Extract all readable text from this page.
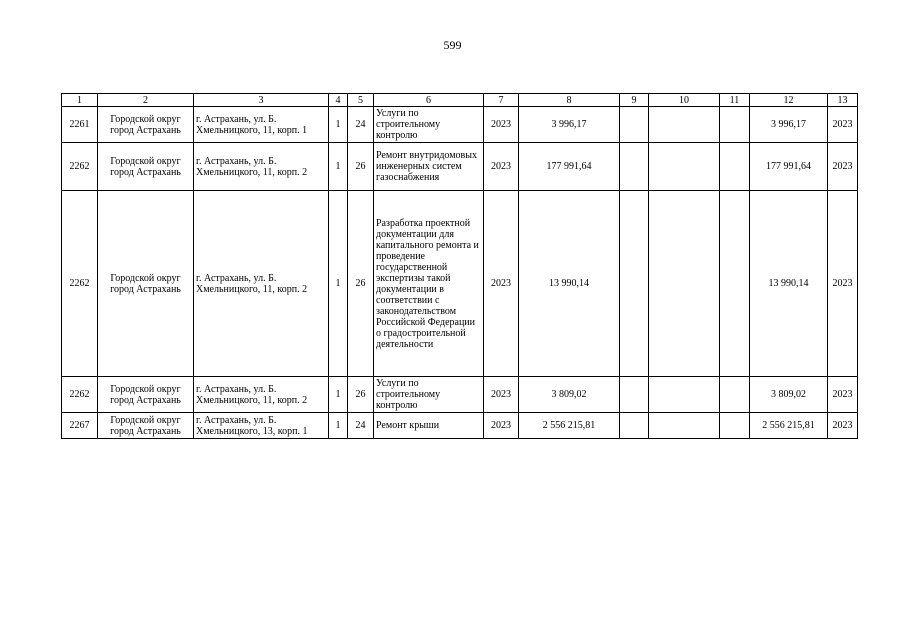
599
1	2	3	4	5	6	7	8	9	10	11	12	13
2261	Городской округ город Астрахань	г. Астрахань, ул. Б. Хмельницкого, 11, корп. 1	1	24	Услуги по строительному контролю	2023	3 996,17				3 996,17	2023
2262	Городской округ город Астрахань	г. Астрахань, ул. Б. Хмельницкого, 11, корп. 2	1	26	Ремонт внутридомовых инженерных систем газоснабжения	2023	177 991,64				177 991,64	2023
2262	Городской округ город Астрахань	г. Астрахань, ул. Б. Хмельницкого, 11, корп. 2	1	26	Разработка проектной документации для капитального ремонта и проведение государственной экспертизы такой документации в соответствии с законодательством Российской Федерации о градостроительной деятельности	2023	13 990,14				13 990,14	2023
2262	Городской округ город Астрахань	г. Астрахань, ул. Б. Хмельницкого, 11, корп. 2	1	26	Услуги по строительному контролю	2023	3 809,02				3 809,02	2023
2267	Городской округ город Астрахань	г. Астрахань, ул. Б. Хмельницкого, 13, корп. 1	1	24	Ремонт крыши	2023	2 556 215,81				2 556 215,81	2023
